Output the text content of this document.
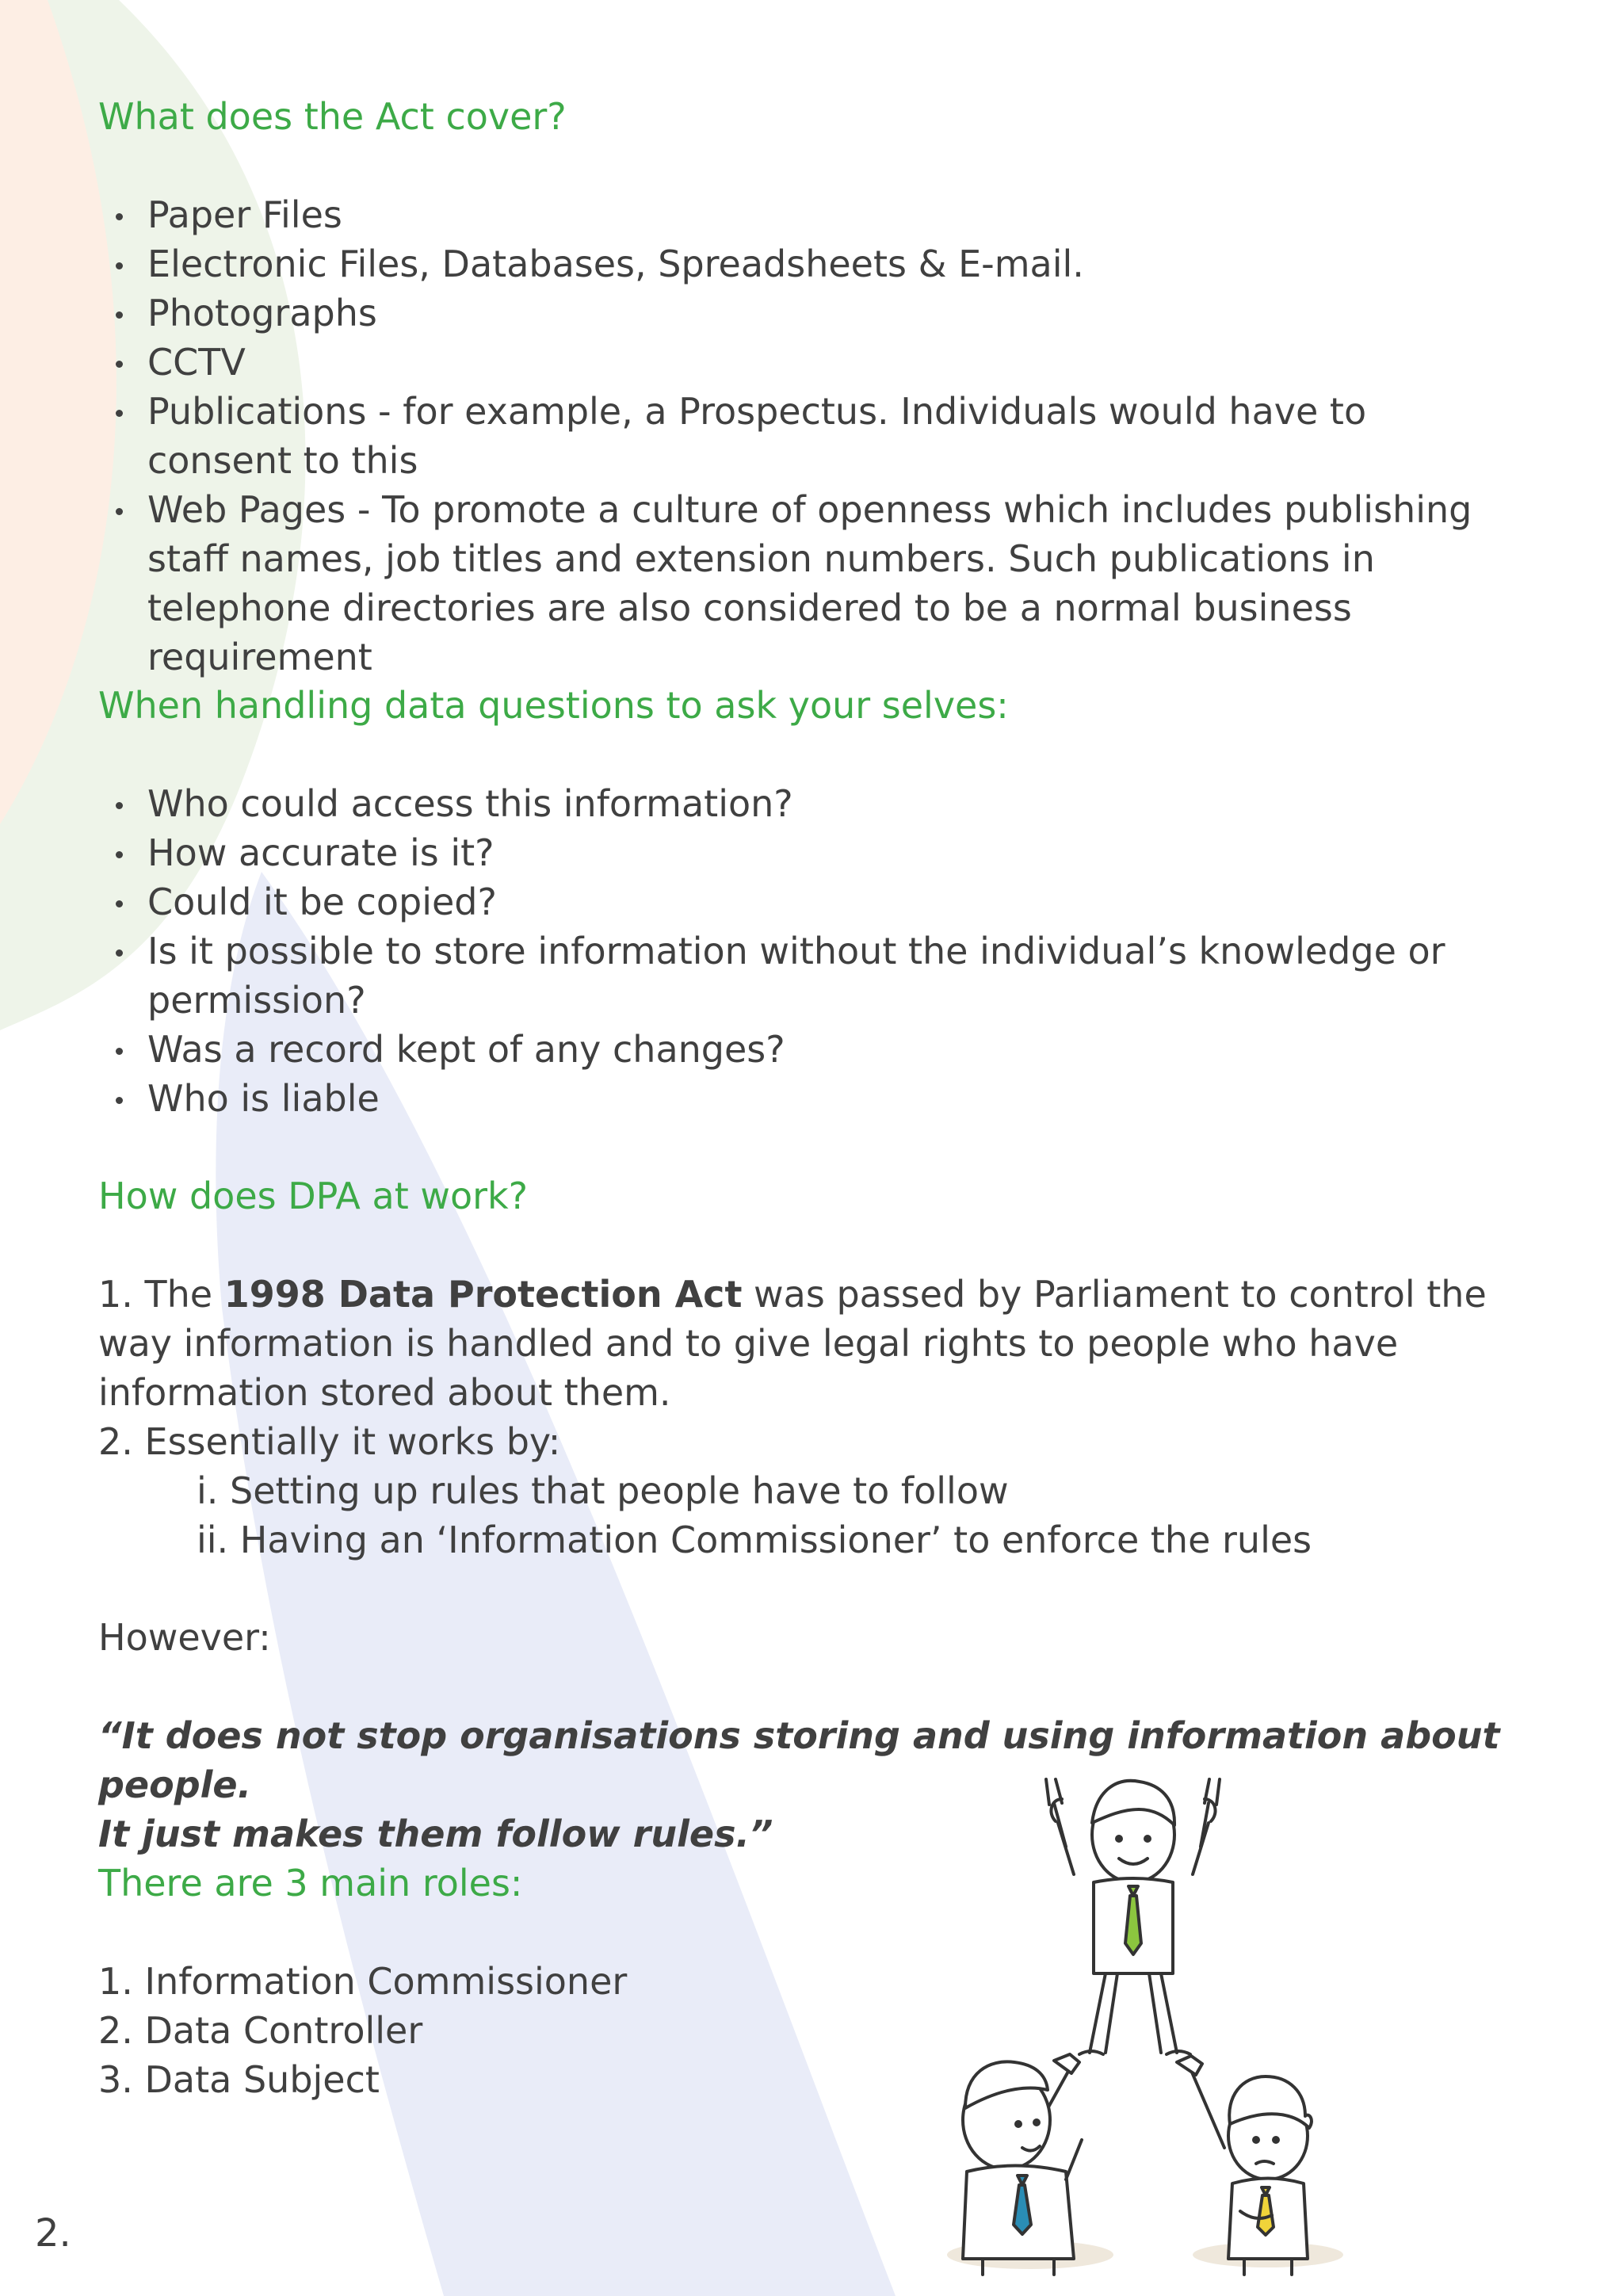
What does the Act cover?
Paper Files
Electronic Files, Databases, Spreadsheets & E-mail.
Photographs
CCTV
Publications - for example, a Prospectus. Individuals would have to consent to this
Web Pages - To promote a culture of openness which includes publishing staff names, job titles and extension numbers. Such publications in telephone directories are also considered to be a normal business requirement
When handling data questions to ask your selves:
Who could access this information?
How accurate is it?
Could it be copied?
Is it possible to store information without the individual’s knowledge or permission?
Was a record kept of any changes?
Who is liable
How does DPA at work?
1. The 1998 Data Protection Act was passed by Parliament to control the way information is handled and to give legal rights to people who have information stored about them.
2. Essentially it works by:
i. Setting up rules that people have to follow
ii. Having an ‘Information Commissioner’ to enforce the rules

However:

“It does not stop organisations storing and using information about people.
It just makes them follow rules.”
There are 3 main roles:
1. Information Commissioner
2. Data Controller
3. Data Subject
2.
